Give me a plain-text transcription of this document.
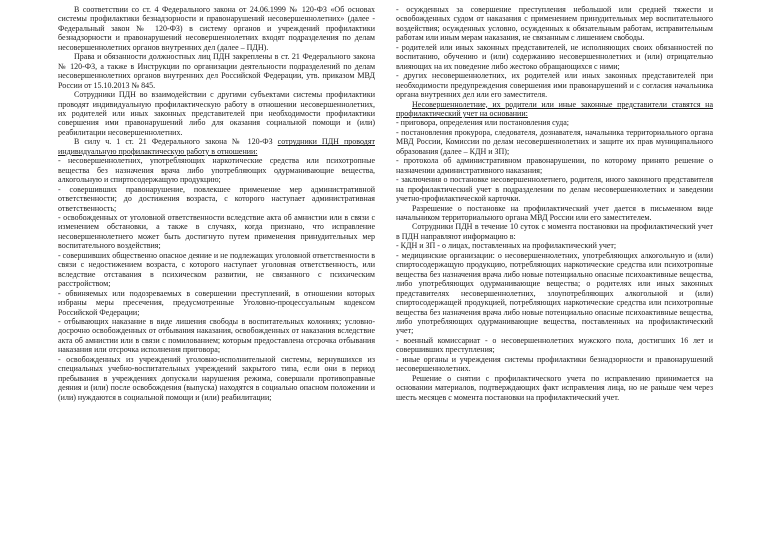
В соответствии со ст. 4 Федерального закона от 24.06.1999 № 120-ФЗ «Об основах системы профилактики безнадзорности и правонарушений несовершеннолетних» (далее - Федеральный закон № 120-ФЗ) в систему органов и учреждений профилактики безнадзорности и правонарушений несовершеннолетних входят подразделения по делам несовершеннолетних органов внутренних дел (далее – ПДН).

Права и обязанности должностных лиц ПДН закреплены в ст. 21 Федерального закона № 120-ФЗ, а также в Инструкции по организации деятельности подразделений по делам несовершеннолетних органов внутренних дел Российской Федерации, утв. приказом МВД России от 15.10.2013 № 845.

Сотрудники ПДН во взаимодействии с другими субъектами системы профилактики проводят индивидуальную профилактическую работу в отношении несовершеннолетних, их родителей или иных законных представителей при необходимости профилактики совершения ими правонарушений либо для оказания социальной помощи и (или) реабилитации несовершеннолетних.

В силу ч. 1 ст. 21 Федерального закона № 120-ФЗ сотрудники ПДН проводят индивидуальную профилактическую работу в отношении:

- несовершеннолетних, употребляющих наркотические средства или психотропные вещества без назначения врача либо употребляющих одурманивающие вещества, алкогольную и спиртосодержащую продукцию;

- совершивших правонарушение, повлекшее применение мер административной ответственности; до достижения возраста, с которого наступает административная ответственность;

- освобожденных от уголовной ответственности вследствие акта об амнистии или в связи с изменением обстановки, а также в случаях, когда признано, что исправление несовершеннолетнего может быть достигнуто путем применения принудительных мер воспитательного воздействия;

- совершивших общественно опасное деяние и не подлежащих уголовной ответственности в связи с недостижением возраста, с которого наступает уголовная ответственность, или вследствие отставания в психическом развитии, не связанного с психическим расстройством;

- обвиняемых или подозреваемых в совершении преступлений, в отношении которых избраны меры пресечения, предусмотренные Уголовно-процессуальным кодексом Российской Федерации;

- отбывающих наказание в виде лишения свободы в воспитательных колониях; условно-досрочно освобожденных от отбывания наказания, освобожденных от наказания вследствие акта об амнистии или в связи с помилованием; которым предоставлена отсрочка отбывания наказания или отсрочка исполнения приговора;

- освобожденных из учреждений уголовно-исполнительной системы, вернувшихся из специальных учебно-воспитательных учреждений закрытого типа, если они в период пребывания в учреждениях допускали нарушения режима, совершали противоправные деяния и (или) после освобождения (выпуска) находятся в социально опасном положении и (или) нуждаются в социальной помощи и (или) реабилитации;

- осужденных за совершение преступления небольшой или средней тяжести и освобожденных судом от наказания с применением принудительных мер воспитательного воздействия; осужденных условно, осужденных к обязательным работам, исправительным работам или иным мерам наказания, не связанным с лишением свободы.

- родителей или иных законных представителей, не исполняющих своих обязанностей по воспитанию, обучению и (или) содержанию несовершеннолетних и (или) отрицательно влияющих на их поведение либо жестоко обращающихся с ними;

- других несовершеннолетних, их родителей или иных законных представителей при необходимости предупреждения совершения ими правонарушений и с согласия начальника органа внутренних дел или его заместителя.

Несовершеннолетние, их родители или иные законные представители ставятся на профилактический учет на основании:

- приговора, определения или постановления суда;

- постановления прокурора, следователя, дознавателя, начальника территориального органа МВД России, Комиссии по делам несовершеннолетних и защите их прав муниципального образования (далее – КДН и ЗП);

- протокола об административном правонарушении, по которому принято решение о назначении административного наказания;

- заключения о постановке несовершеннолетнего, родителя, иного законного представителя на профилактический учет в подразделении по делам несовершеннолетних и заведении учетно-профилактической карточки.

Разрешение о постановке на профилактический учет дается в письменном виде начальником территориального органа МВД России или его заместителем.

Сотрудники ПДН в течение 10 суток с момента постановки на профилактический учет в ПДН направляют информацию в:

- КДН и ЗП - о лицах, поставленных на профилактический учет;

- медицинские организации: о несовершеннолетних, употребляющих алкогольную и (или) спиртосодержащую продукцию, потребляющих наркотические средства или психотропные вещества без назначения врача либо новые потенциально опасные психоактивные вещества, либо употребляющих одурманивающие вещества; о родителях или иных законных представителях несовершеннолетних, злоупотребляющих алкогольной и (или) спиртосодержащей продукцией, потребляющих наркотические средства или психотропные вещества без назначения врача либо новые потенциально опасные психоактивные вещества, либо употребляющих одурманивающие вещества, поставленных на профилактический учет;

- военный комиссариат - о несовершеннолетних мужского пола, достигших 16 лет и совершивших преступления;

- иные органы и учреждения системы профилактики безнадзорности и правонарушений несовершеннолетних.

Решение о снятии с профилактического учета по исправлению принимается на основании материалов, подтверждающих факт исправления лица, но не раньше чем через шесть месяцев с момента постановки на профилактический учет.
